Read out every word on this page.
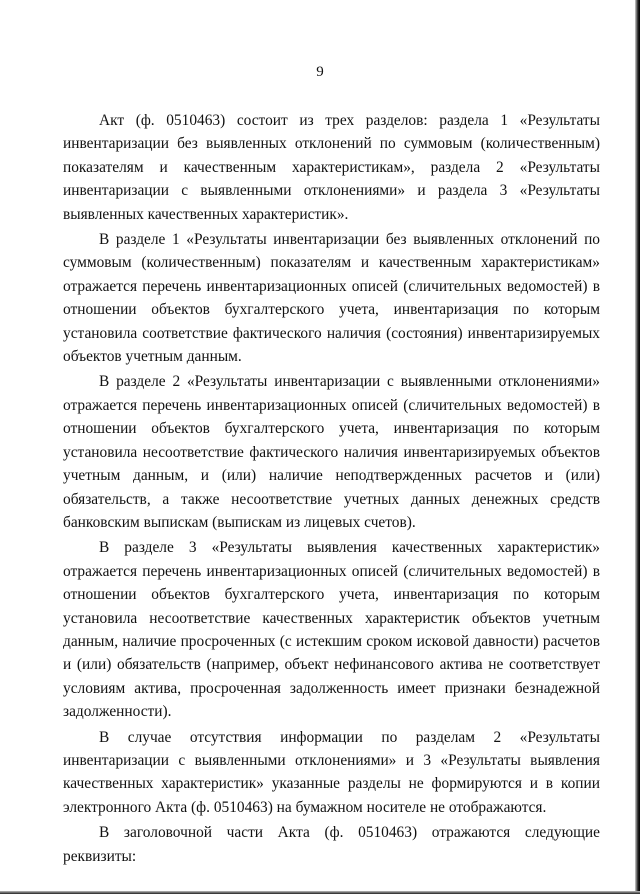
9

Акт (ф. 0510463) состоит из трех разделов: раздела 1 «Результаты инвентаризации без выявленных отклонений по суммовым (количественным) показателям и качественным характеристикам», раздела 2 «Результаты инвентаризации с выявленными отклонениями» и раздела 3 «Результаты выявленных качественных характеристик».

В разделе 1 «Результаты инвентаризации без выявленных отклонений по суммовым (количественным) показателям и качественным характеристикам» отражается перечень инвентаризационных описей (сличительных ведомостей) в отношении объектов бухгалтерского учета, инвентаризация по которым установила соответствие фактического наличия (состояния) инвентаризируемых объектов учетным данным.

В разделе 2 «Результаты инвентаризации с выявленными отклонениями» отражается перечень инвентаризационных описей (сличительных ведомостей) в отношении объектов бухгалтерского учета, инвентаризация по которым установила несоответствие фактического наличия инвентаризируемых объектов учетным данным, и (или) наличие неподтвержденных расчетов и (или) обязательств, а также несоответствие учетных данных денежных средств банковским выпискам (выпискам из лицевых счетов).

В разделе 3 «Результаты выявления качественных характеристик» отражается перечень инвентаризационных описей (сличительных ведомостей) в отношении объектов бухгалтерского учета, инвентаризация по которым установила несоответствие качественных характеристик объектов учетным данным, наличие просроченных (с истекшим сроком исковой давности) расчетов и (или) обязательств (например, объект нефинансового актива не соответствует условиям актива, просроченная задолженность имеет признаки безнадежной задолженности).

В случае отсутствия информации по разделам 2 «Результаты инвентаризации с выявленными отклонениями» и 3 «Результаты выявления качественных характеристик» указанные разделы не формируются и в копии электронного Акта (ф. 0510463) на бумажном носителе не отображаются.

В заголовочной части Акта (ф. 0510463) отражаются следующие реквизиты:
